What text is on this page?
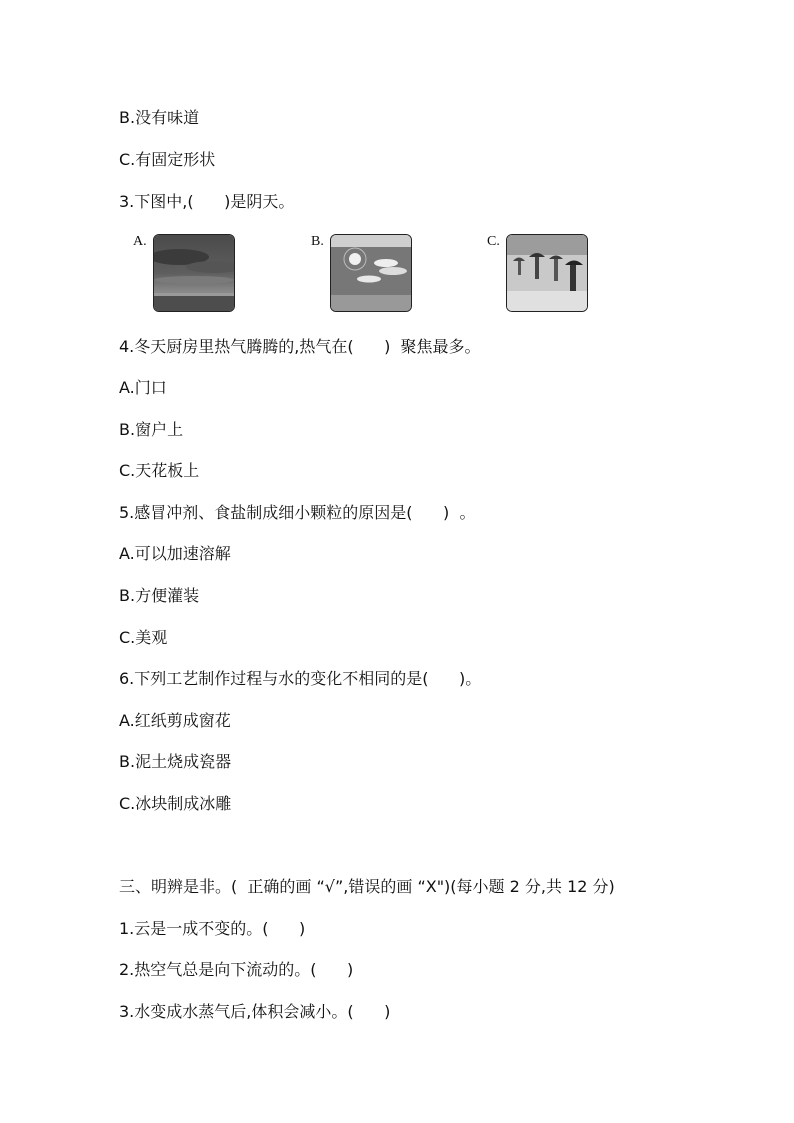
B.没有味道
C.有固定形状
3.下图中,(      )是阴天。
A.	B.	C.
4.冬天厨房里热气腾腾的,热气在(      )  聚焦最多。
A.门口
B.窗户上
C.天花板上
5.感冒冲剂、食盐制成细小颗粒的原因是(      )  。
A.可以加速溶解
B.方便灌装
C.美观
6.下列工艺制作过程与水的变化不相同的是(      )。
A.红纸剪成窗花
B.泥土烧成瓷器
C.冰块制成冰雕
三、明辨是非。(  正确的画 “√”,错误的画 “X")(每小题 2 分,共 12 分)
1.云是一成不变的。(      )
2.热空气总是向下流动的。(      )
3.水变成水蒸气后,体积会减小。(      )
